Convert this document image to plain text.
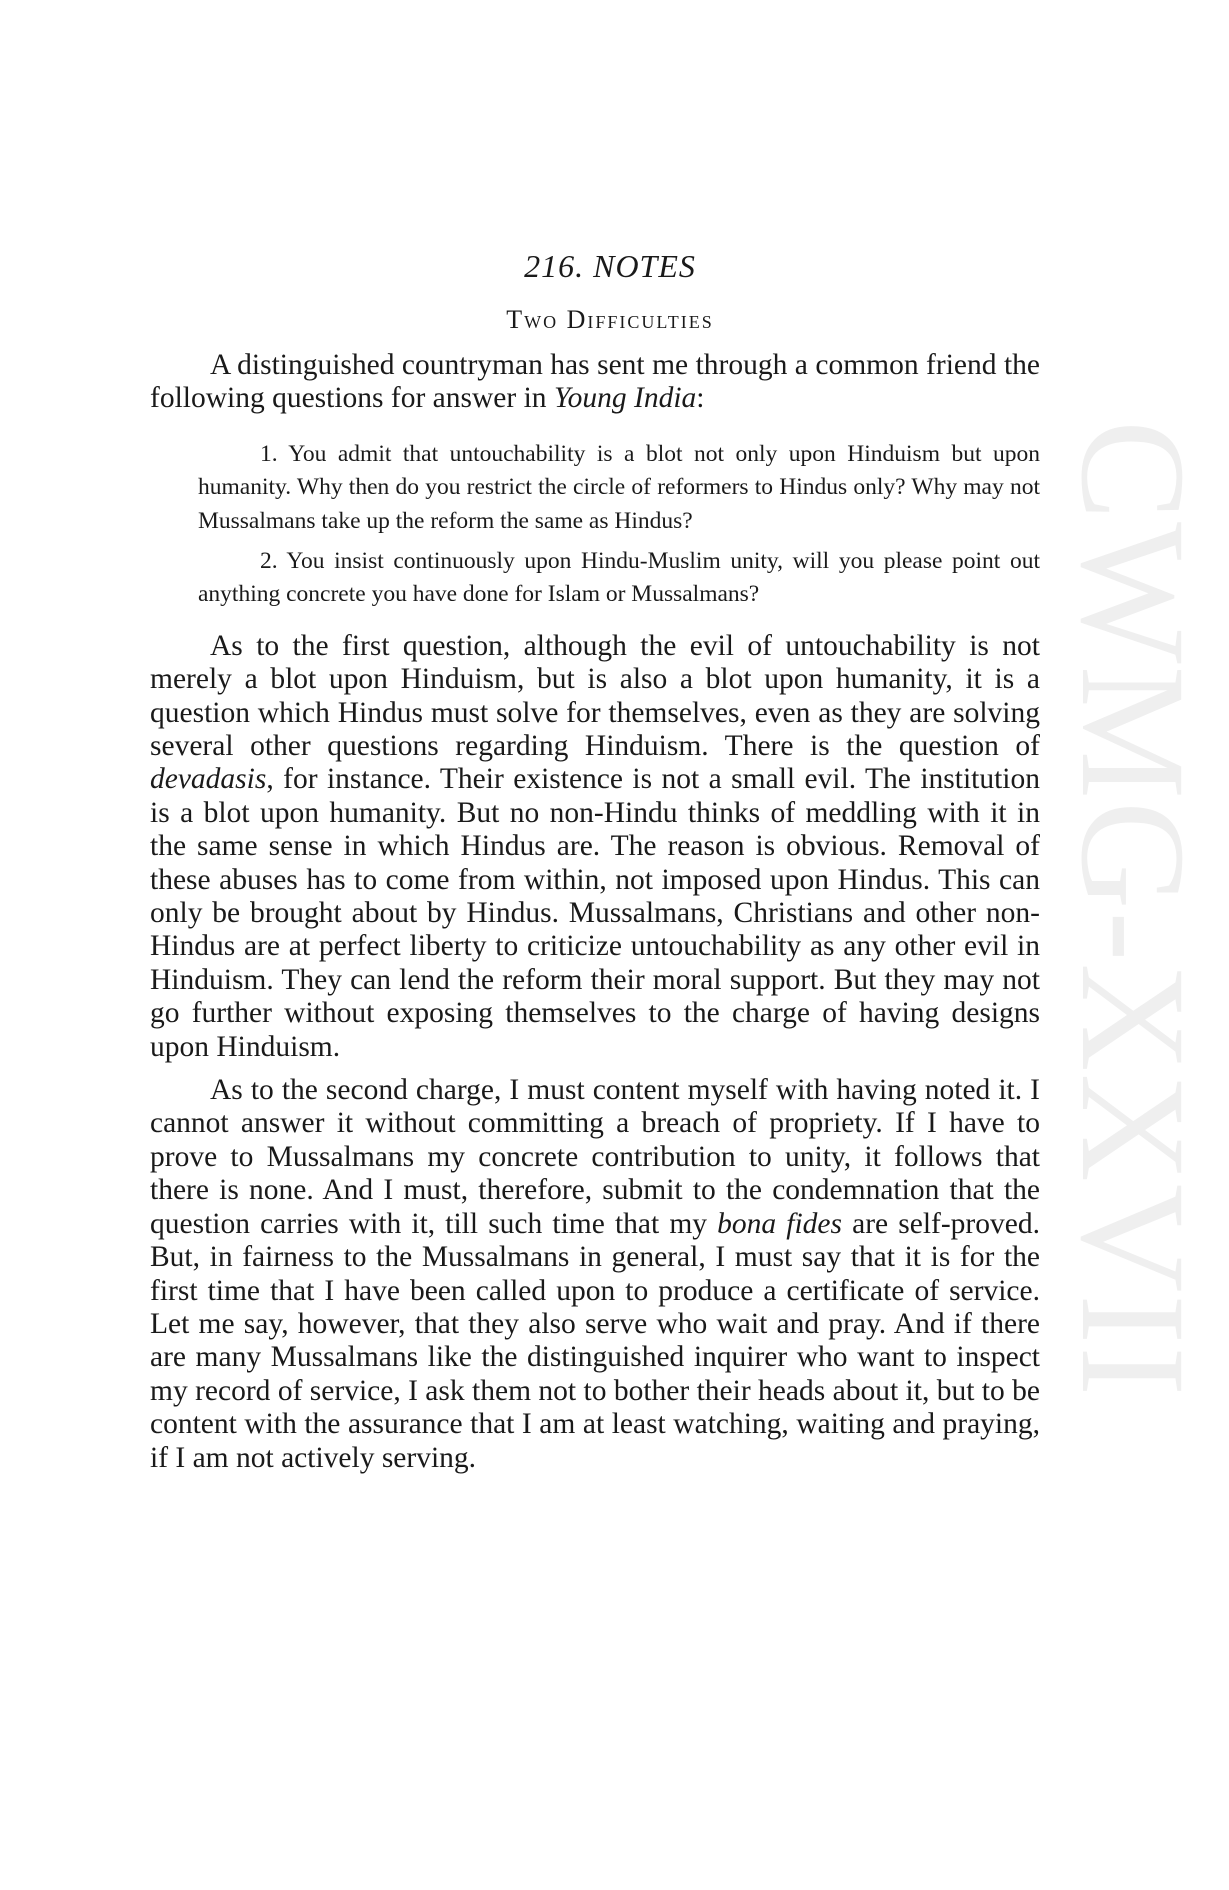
CWMG-XXVII
216. NOTES
Two Difficulties

A distinguished countryman has sent me through a common friend the following questions for answer in Young India:

1. You admit that untouchability is a blot not only upon Hinduism but upon humanity. Why then do you restrict the circle of reformers to Hindus only? Why may not Mussalmans take up the reform the same as Hindus?

2. You insist continuously upon Hindu-Muslim unity, will you please point out anything concrete you have done for Islam or Mussalmans?

As to the first question, although the evil of untouchability is not merely a blot upon Hinduism, but is also a blot upon humanity, it is a question which Hindus must solve for themselves, even as they are solving several other questions regarding Hinduism. There is the question of devadasis, for instance. Their existence is not a small evil. The institution is a blot upon humanity. But no non-Hindu thinks of meddling with it in the same sense in which Hindus are. The reason is obvious. Removal of these abuses has to come from within, not imposed upon Hindus. This can only be brought about by Hindus. Mussalmans, Christians and other non-Hindus are at perfect liberty to criticize untouchability as any other evil in Hinduism. They can lend the reform their moral support. But they may not go further without exposing themselves to the charge of having designs upon Hinduism.

As to the second charge, I must content myself with having noted it. I cannot answer it without committing a breach of propriety. If I have to prove to Mussalmans my concrete contribution to unity, it follows that there is none. And I must, therefore, submit to the condemnation that the question carries with it, till such time that my bona fides are self-proved. But, in fairness to the Mussalmans in general, I must say that it is for the first time that I have been called upon to produce a certificate of service. Let me say, however, that they also serve who wait and pray. And if there are many Mussalmans like the distinguished inquirer who want to inspect my record of service, I ask them not to bother their heads about it, but to be content with the assurance that I am at least watching, waiting and praying, if I am not actively serving.
